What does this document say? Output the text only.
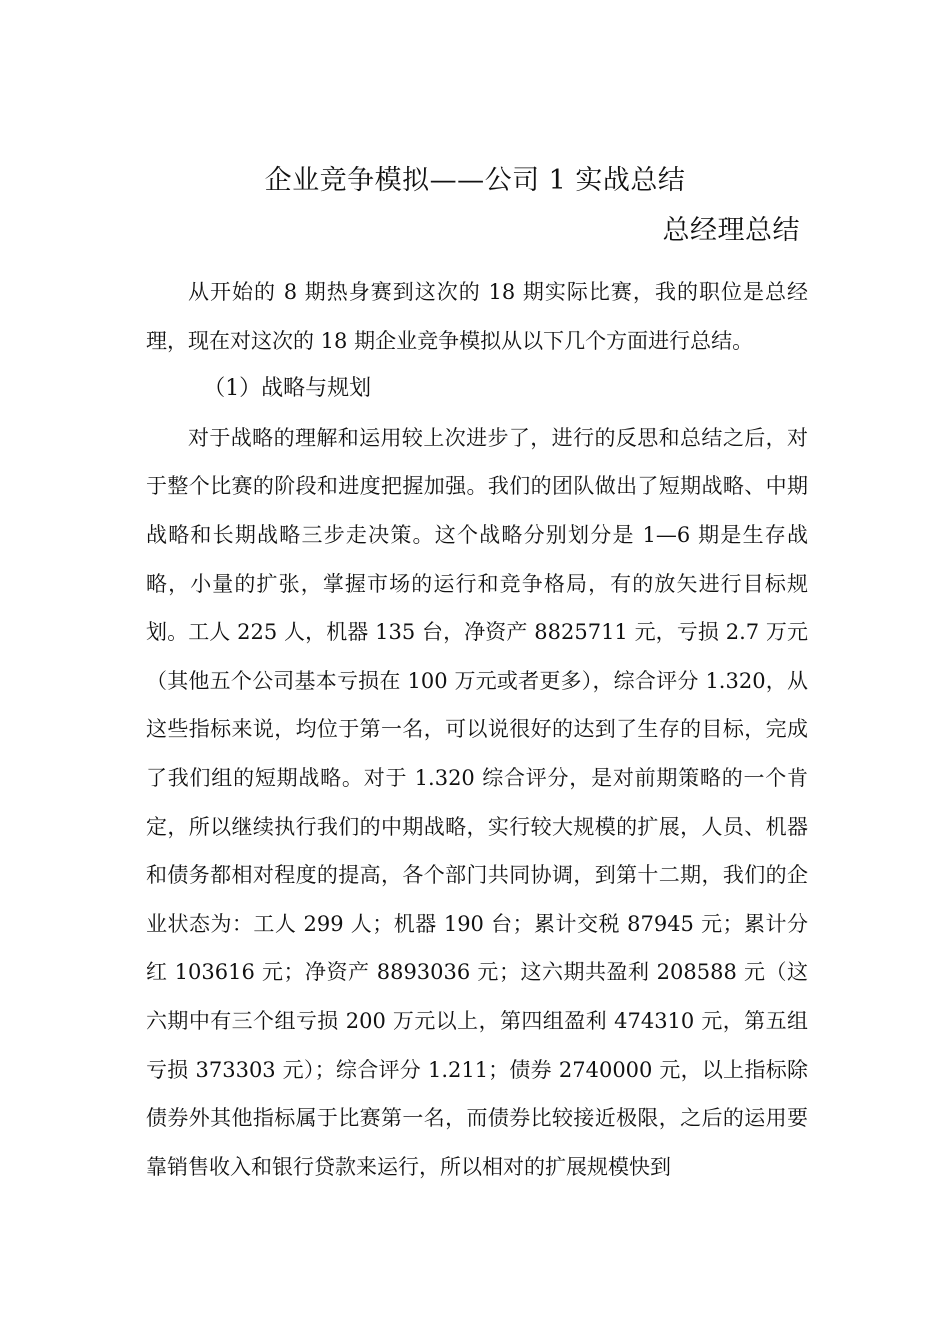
企业竞争模拟——公司 1 实战总结
总经理总结

从开始的 8 期热身赛到这次的 18 期实际比赛，我的职位是总经理，现在对这次的 18 期企业竞争模拟从以下几个方面进行总结。

（1）战略与规划

对于战略的理解和运用较上次进步了，进行的反思和总结之后，对于整个比赛的阶段和进度把握加强。我们的团队做出了短期战略、中期战略和长期战略三步走决策。这个战略分别划分是 1—6 期是生存战略，小量的扩张，掌握市场的运行和竞争格局，有的放矢进行目标规划。工人 225 人，机器 135 台，净资产 8825711 元，亏损 2.7 万元（其他五个公司基本亏损在 100 万元或者更多），综合评分 1.320，从这些指标来说，均位于第一名，可以说很好的达到了生存的目标，完成了我们组的短期战略。对于 1.320 综合评分，是对前期策略的一个肯定，所以继续执行我们的中期战略，实行较大规模的扩展，人员、机器和债务都相对程度的提高，各个部门共同协调，到第十二期，我们的企业状态为：工人 299 人；机器 190 台；累计交税 87945 元；累计分红 103616 元；净资产 8893036 元；这六期共盈利 208588 元（这六期中有三个组亏损 200 万元以上，第四组盈利 474310 元，第五组亏损 373303 元）；综合评分 1.211；债券 2740000 元，以上指标除债券外其他指标属于比赛第一名，而债券比较接近极限，之后的运用要靠销售收入和银行贷款来运行，所以相对的扩展规模快到
